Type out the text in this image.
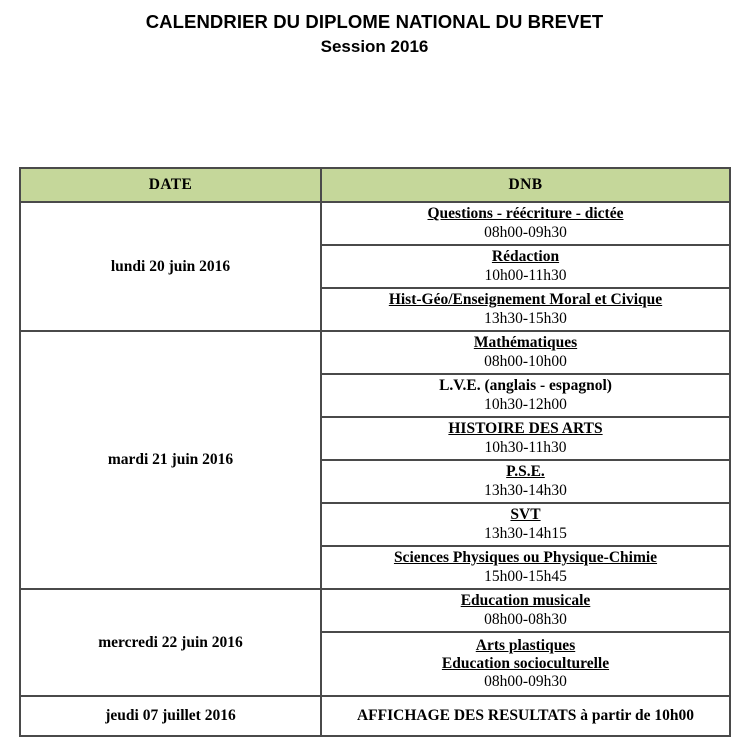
CALENDRIER DU DIPLOME NATIONAL DU BREVET
Session 2016
DATE	DNB
lundi 20 juin 2016	Questions - réécriture - dictée
08h00-09h30

	Rédaction
10h00-11h30

	Hist-Géo/Enseignement Moral et Civique
13h30-15h30

mardi 21 juin 2016	Mathématiques
08h00-10h00

	L.V.E. (anglais - espagnol)
10h30-12h00

	HISTOIRE DES ARTS
10h30-11h30

	P.S.E.
13h30-14h30

	SVT
13h30-14h15

	Sciences Physiques ou Physique-Chimie
15h00-15h45

mercredi 22 juin 2016	Education musicale
08h00-08h30

	Arts plastiques
Education socioculturelle
08h00-09h30

jeudi 07 juillet 2016	AFFICHAGE DES RESULTATS à partir de 10h00
